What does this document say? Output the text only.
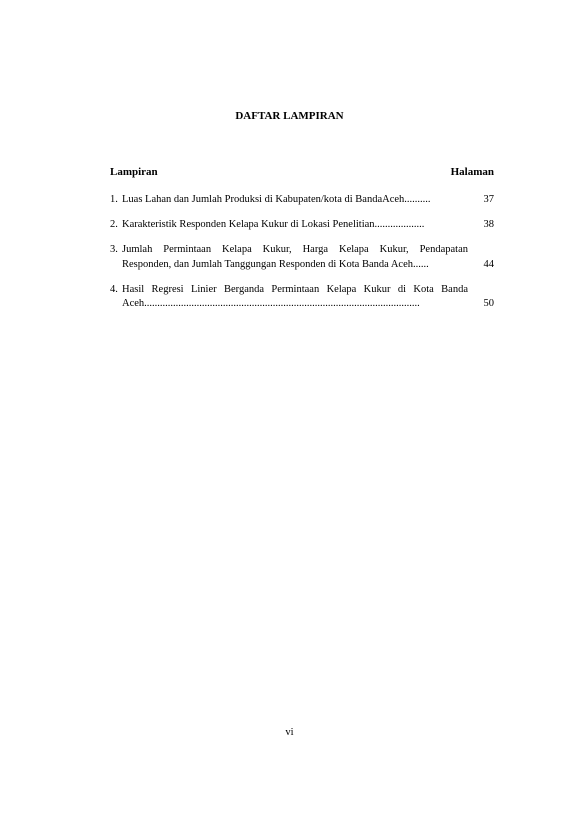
DAFTAR LAMPIRAN
Lampiran	Halaman
1. Luas Lahan dan Jumlah Produksi di Kabupaten/kota di BandaAceh ..........	37
2. Karakteristik Responden Kelapa Kukur di Lokasi Penelitian ...................	38
3. Jumlah Permintaan Kelapa Kukur, Harga Kelapa Kukur, Pendapatan
Responden, dan Jumlah Tanggungan Responden di Kota Banda Aceh ......	44
4. Hasil Regresi Linier Berganda Permintaan Kelapa Kukur di Kota Banda
Aceh. ........................................................................................................	50
vi
